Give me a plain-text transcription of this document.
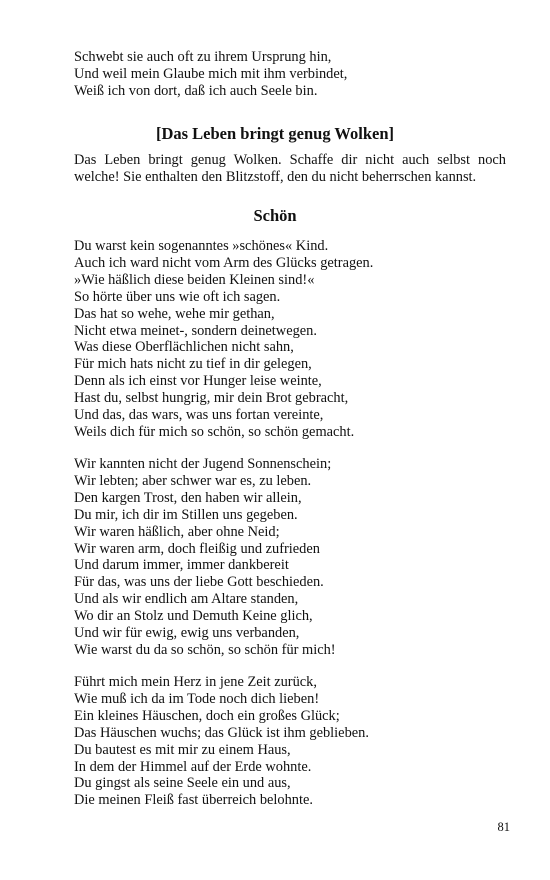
Schwebt sie auch oft zu ihrem Ursprung hin,

Und weil mein Glaube mich mit ihm verbindet,

Weiß ich von dort, daß ich auch Seele bin.

[Das Leben bringt genug Wolken]

Das Leben bringt genug Wolken. Schaffe dir nicht auch selbst noch

welche! Sie enthalten den Blitzstoff, den du nicht beherrschen kannst.

Schön

Du warst kein sogenanntes »schönes« Kind.

Auch ich ward nicht vom Arm des Glücks getragen.

»Wie häßlich diese beiden Kleinen sind!«

So hörte über uns wie oft ich sagen.

Das hat so wehe, wehe mir gethan,

Nicht etwa meinet-, sondern deinetwegen.

Was diese Oberflächlichen nicht sahn,

Für mich hats nicht zu tief in dir gelegen,

Denn als ich einst vor Hunger leise weinte,

Hast du, selbst hungrig, mir dein Brot gebracht,

Und das, das wars, was uns fortan vereinte,

Weils dich für mich so schön, so schön gemacht.

Wir kannten nicht der Jugend Sonnenschein;

Wir lebten; aber schwer war es, zu leben.

Den kargen Trost, den haben wir allein,

Du mir, ich dir im Stillen uns gegeben.

Wir waren häßlich, aber ohne Neid;

Wir waren arm, doch fleißig und zufrieden

Und darum immer, immer dankbereit

Für das, was uns der liebe Gott beschieden.

Und als wir endlich am Altare standen,

Wo dir an Stolz und Demuth Keine glich,

Und wir für ewig, ewig uns verbanden,

Wie warst du da so schön, so schön für mich!

Führt mich mein Herz in jene Zeit zurück,

Wie muß ich da im Tode noch dich lieben!

Ein kleines Häuschen, doch ein großes Glück;

Das Häuschen wuchs; das Glück ist ihm geblieben.

Du bautest es mit mir zu einem Haus,

In dem der Himmel auf der Erde wohnte.

Du gingst als seine Seele ein und aus,

Die meinen Fleiß fast überreich belohnte.

81
